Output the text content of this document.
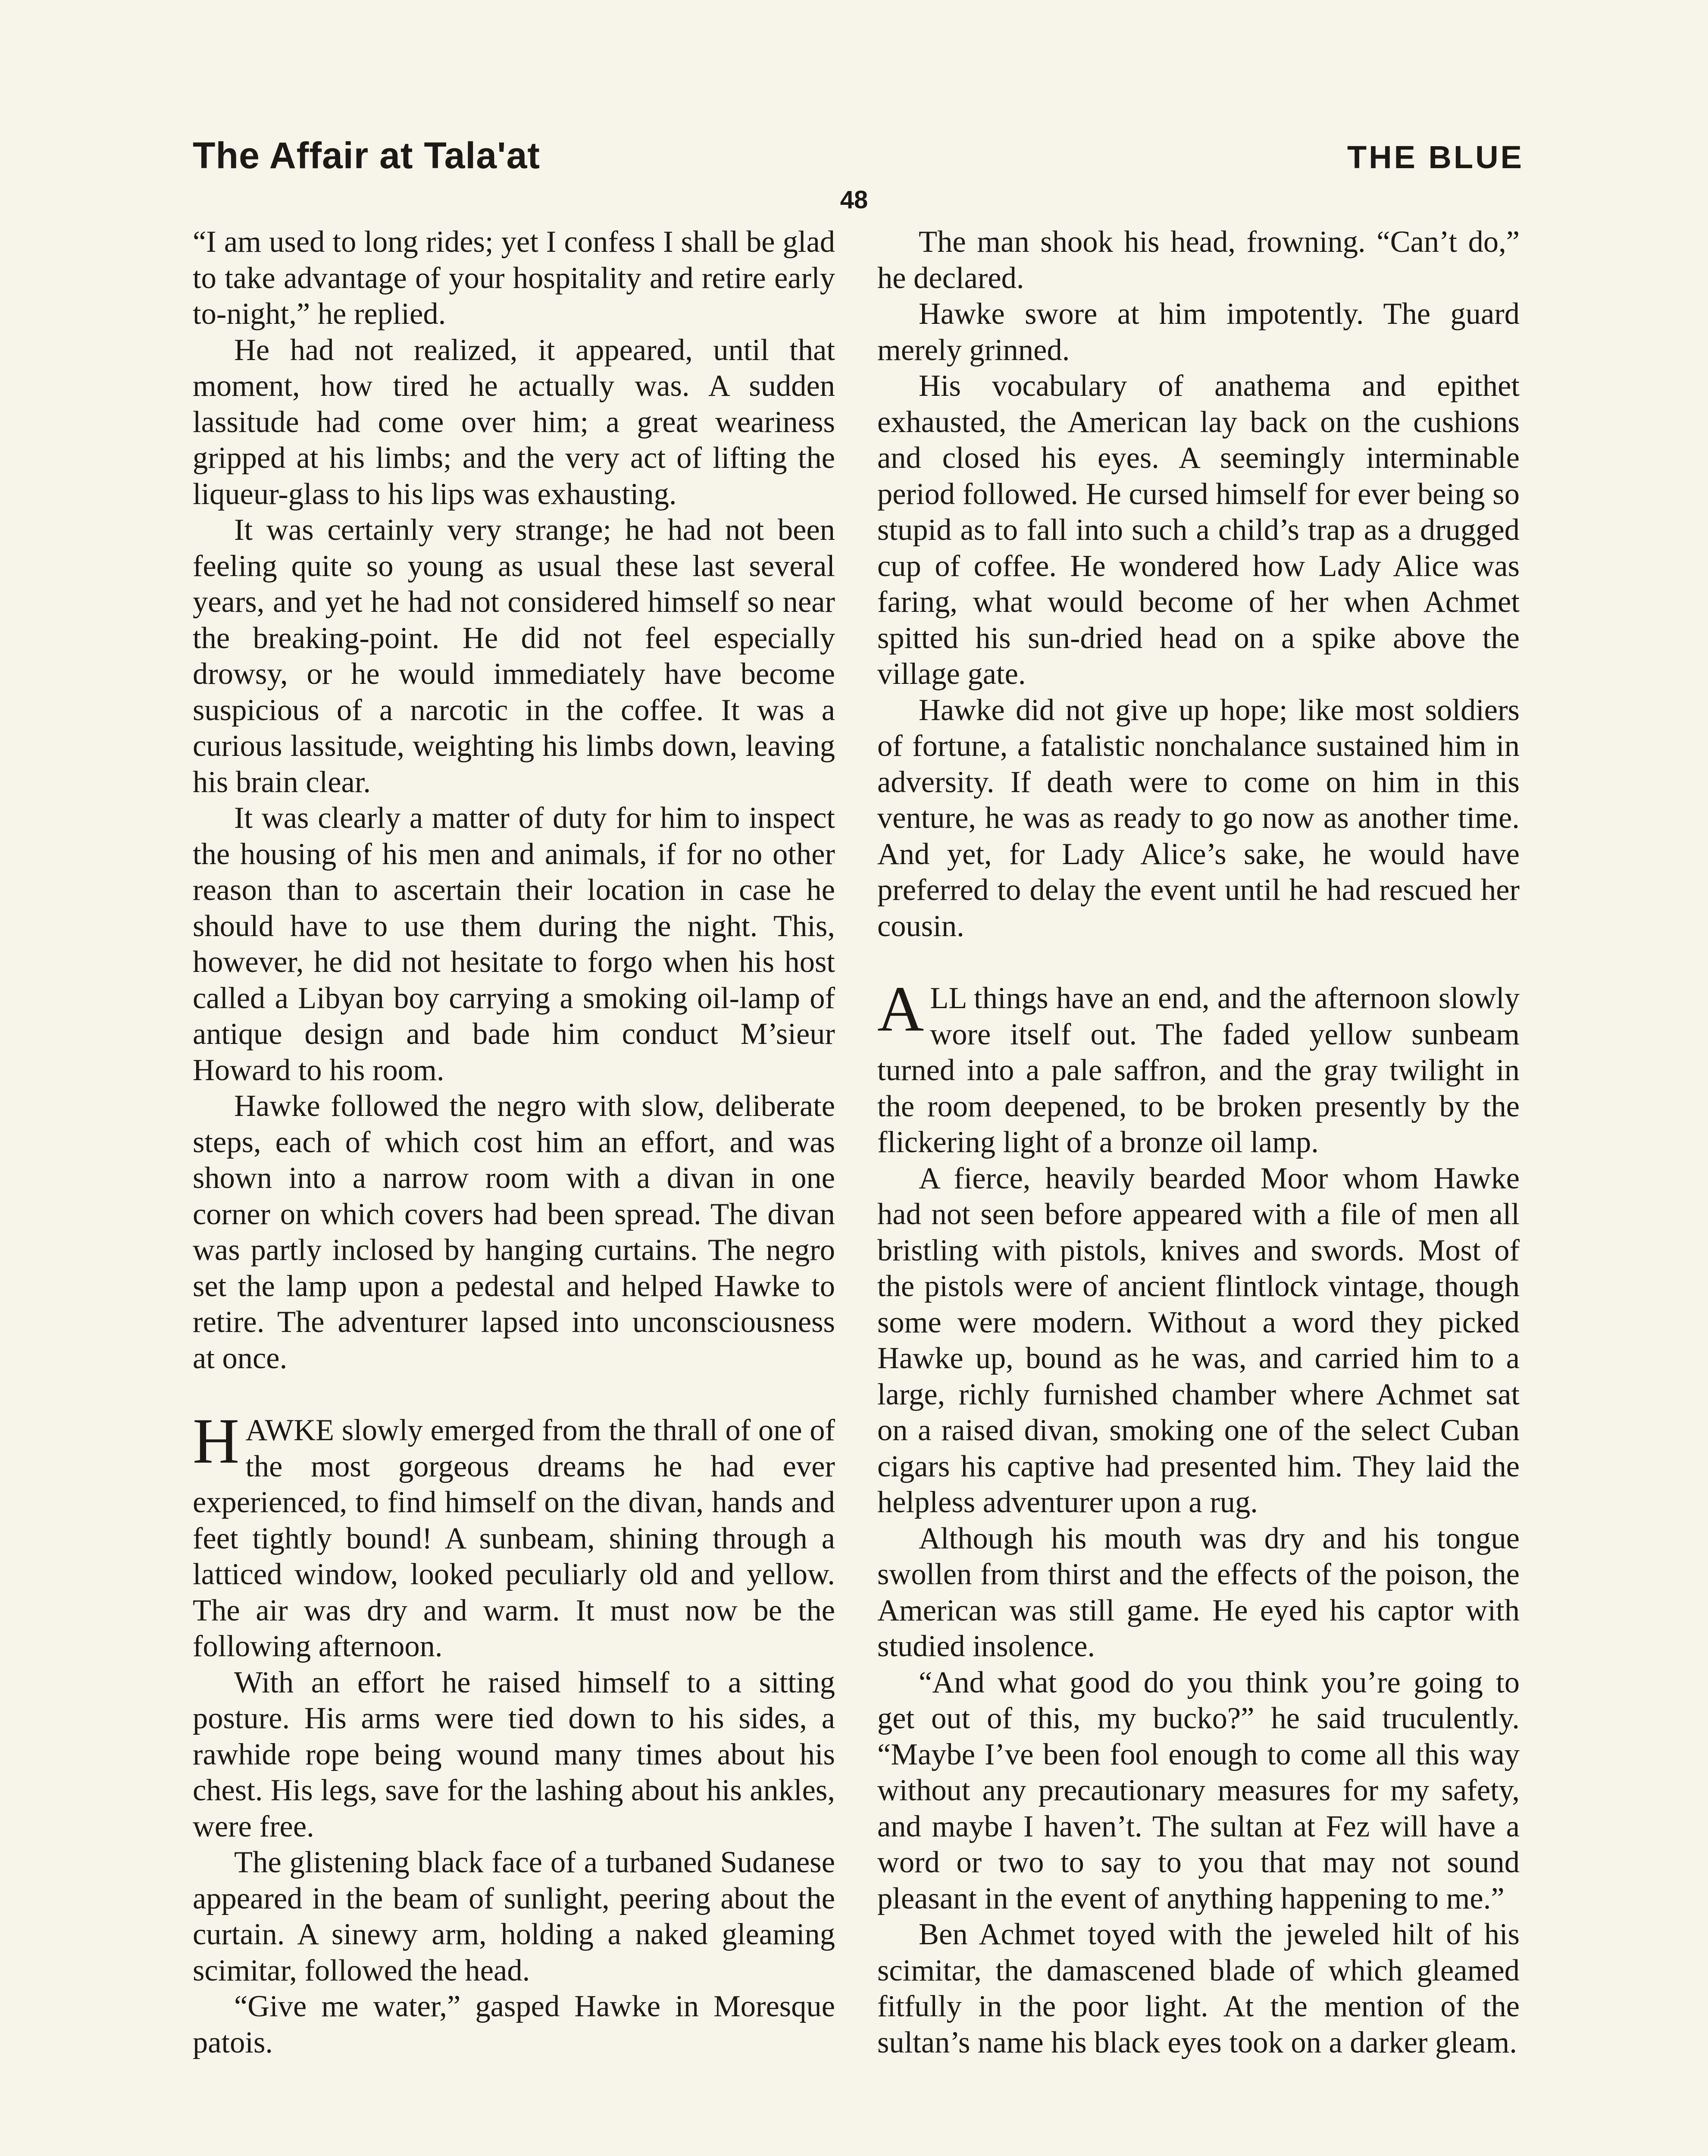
The Affair at Tala'at	THE BLUE
48

“I am used to long rides; yet I confess I shall be glad to take advantage of your hospitality and retire early to-night,” he replied.

He had not realized, it appeared, until that moment, how tired he actually was. A sudden lassitude had come over him; a great weariness gripped at his limbs; and the very act of lifting the liqueur-glass to his lips was exhausting.

It was certainly very strange; he had not been feeling quite so young as usual these last several years, and yet he had not considered himself so near the breaking-point. He did not feel especially drowsy, or he would immediately have become suspicious of a narcotic in the coffee. It was a curious lassitude, weighting his limbs down, leaving his brain clear.

It was clearly a matter of duty for him to inspect the housing of his men and animals, if for no other reason than to ascertain their location in case he should have to use them during the night. This, however, he did not hesitate to forgo when his host called a Libyan boy carrying a smoking oil-lamp of antique design and bade him conduct M’sieur Howard to his room.

Hawke followed the negro with slow, deliberate steps, each of which cost him an effort, and was shown into a narrow room with a divan in one corner on which covers had been spread. The divan was partly inclosed by hanging curtains. The negro set the lamp upon a pedestal and helped Hawke to retire. The adventurer lapsed into unconsciousness at once.

HAWKE slowly emerged from the thrall of one of the most gorgeous dreams he had ever experienced, to find himself on the divan, hands and feet tightly bound! A sunbeam, shining through a latticed window, looked peculiarly old and yellow. The air was dry and warm. It must now be the following afternoon.

With an effort he raised himself to a sitting posture. His arms were tied down to his sides, a rawhide rope being wound many times about his chest. His legs, save for the lashing about his ankles, were free.

The glistening black face of a turbaned Sudanese appeared in the beam of sunlight, peering about the curtain. A sinewy arm, holding a naked gleaming scimitar, followed the head.

“Give me water,” gasped Hawke in Moresque patois.

The man shook his head, frowning. “Can’t do,” he declared.

Hawke swore at him impotently. The guard merely grinned.

His vocabulary of anathema and epithet exhausted, the American lay back on the cushions and closed his eyes. A seemingly interminable period followed. He cursed himself for ever being so stupid as to fall into such a child’s trap as a drugged cup of coffee. He wondered how Lady Alice was faring, what would become of her when Achmet spitted his sun-dried head on a spike above the village gate.

Hawke did not give up hope; like most soldiers of fortune, a fatalistic nonchalance sustained him in adversity. If death were to come on him in this venture, he was as ready to go now as another time. And yet, for Lady Alice’s sake, he would have preferred to delay the event until he had rescued her cousin.

ALL things have an end, and the afternoon slowly wore itself out. The faded yellow sunbeam turned into a pale saffron, and the gray twilight in the room deepened, to be broken presently by the flickering light of a bronze oil lamp.

A fierce, heavily bearded Moor whom Hawke had not seen before appeared with a file of men all bristling with pistols, knives and swords. Most of the pistols were of ancient flintlock vintage, though some were modern. Without a word they picked Hawke up, bound as he was, and carried him to a large, richly furnished chamber where Achmet sat on a raised divan, smoking one of the select Cuban cigars his captive had presented him. They laid the helpless adventurer upon a rug.

Although his mouth was dry and his tongue swollen from thirst and the effects of the poison, the American was still game. He eyed his captor with studied insolence.

“And what good do you think you’re going to get out of this, my bucko?” he said truculently. “Maybe I’ve been fool enough to come all this way without any precautionary measures for my safety, and maybe I haven’t. The sultan at Fez will have a word or two to say to you that may not sound pleasant in the event of anything happening to me.”

Ben Achmet toyed with the jeweled hilt of his scimitar, the damascened blade of which gleamed fitfully in the poor light. At the mention of the sultan’s name his black eyes took on a darker gleam.
